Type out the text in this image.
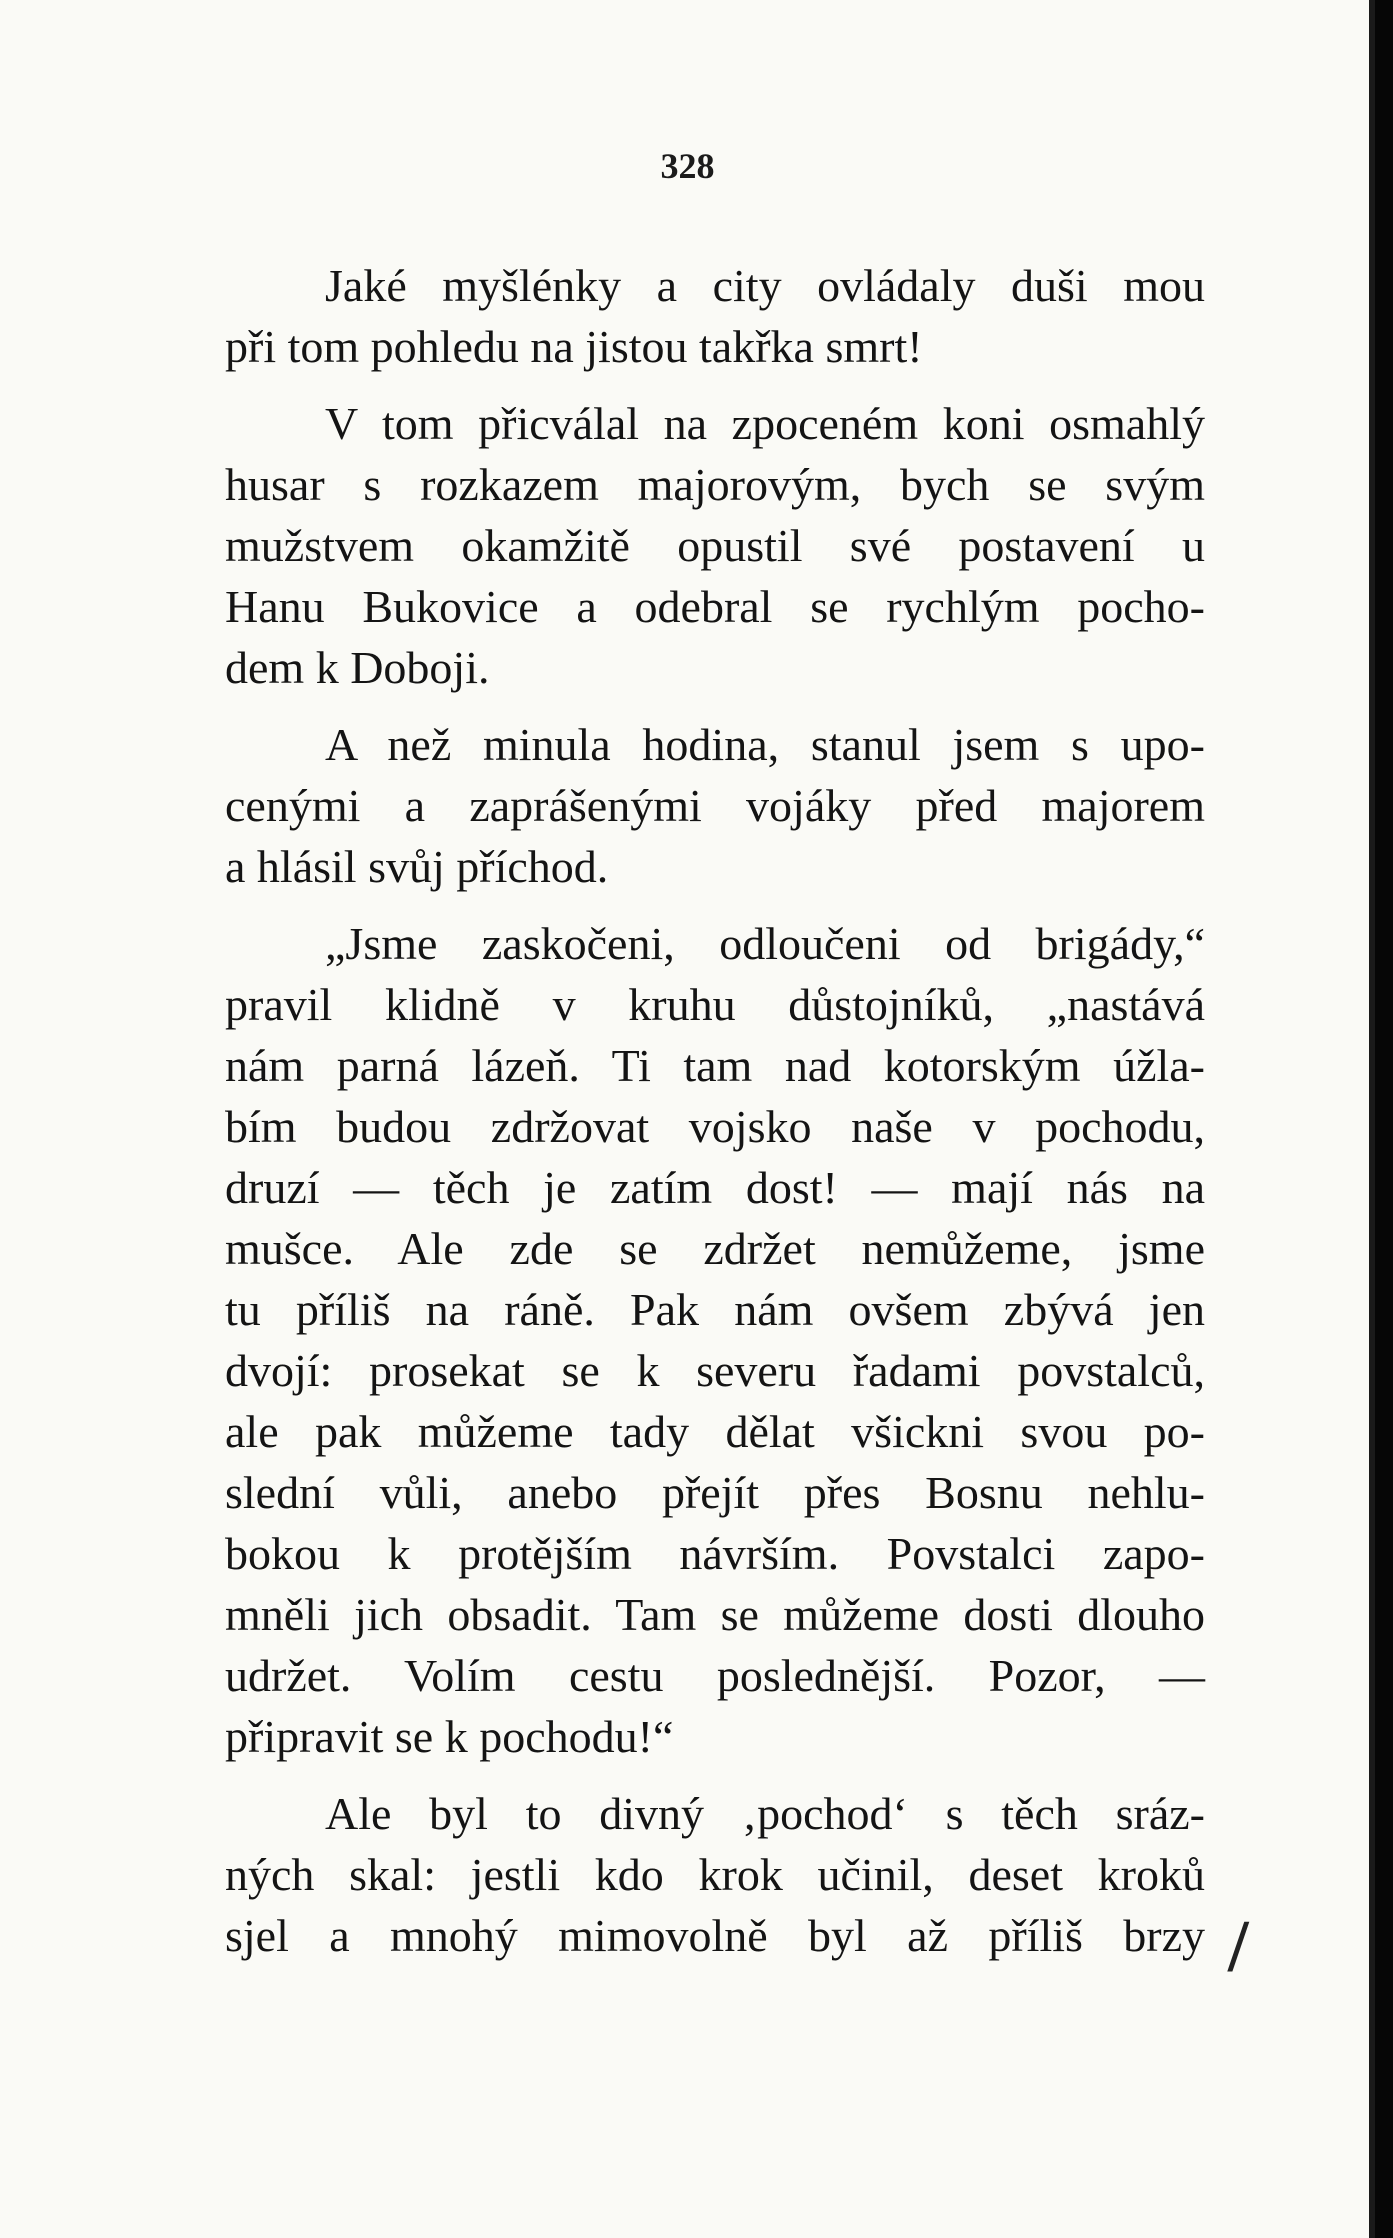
328
Jaké myšlénky a city ovládaly duši mou
při tom pohledu na jistou takřka smrt!
V tom přicválal na zpoceném koni osmahlý
husar s rozkazem majorovým, bych se svým
mužstvem okamžitě opustil své postavení u
Hanu Bukovice a odebral se rychlým pocho-
dem k Doboji.
A než minula hodina, stanul jsem s upo-
cenými a zaprášenými vojáky před majorem
a hlásil svůj příchod.
„Jsme zaskočeni, odloučeni od brigády,“
pravil klidně v kruhu důstojníků, „nastává
nám parná lázeň. Ti tam nad kotorským úžla-
bím budou zdržovat vojsko naše v pochodu,
druzí — těch je zatím dost! — mají nás na
mušce. Ale zde se zdržet nemůžeme, jsme
tu příliš na ráně. Pak nám ovšem zbývá jen
dvojí: prosekat se k severu řadami povstalců,
ale pak můžeme tady dělat všickni svou po-
slední vůli, anebo přejít přes Bosnu nehlu-
bokou k protějším návrším. Povstalci zapo-
mněli jich obsadit. Tam se můžeme dosti dlouho
udržet. Volím cestu poslednější. Pozor, —
připravit se k pochodu!“
Ale byl to divný ‚pochod‘ s těch sráz-
ných skal: jestli kdo krok učinil, deset kroků
sjel a mnohý mimovolně byl až příliš brzy /
